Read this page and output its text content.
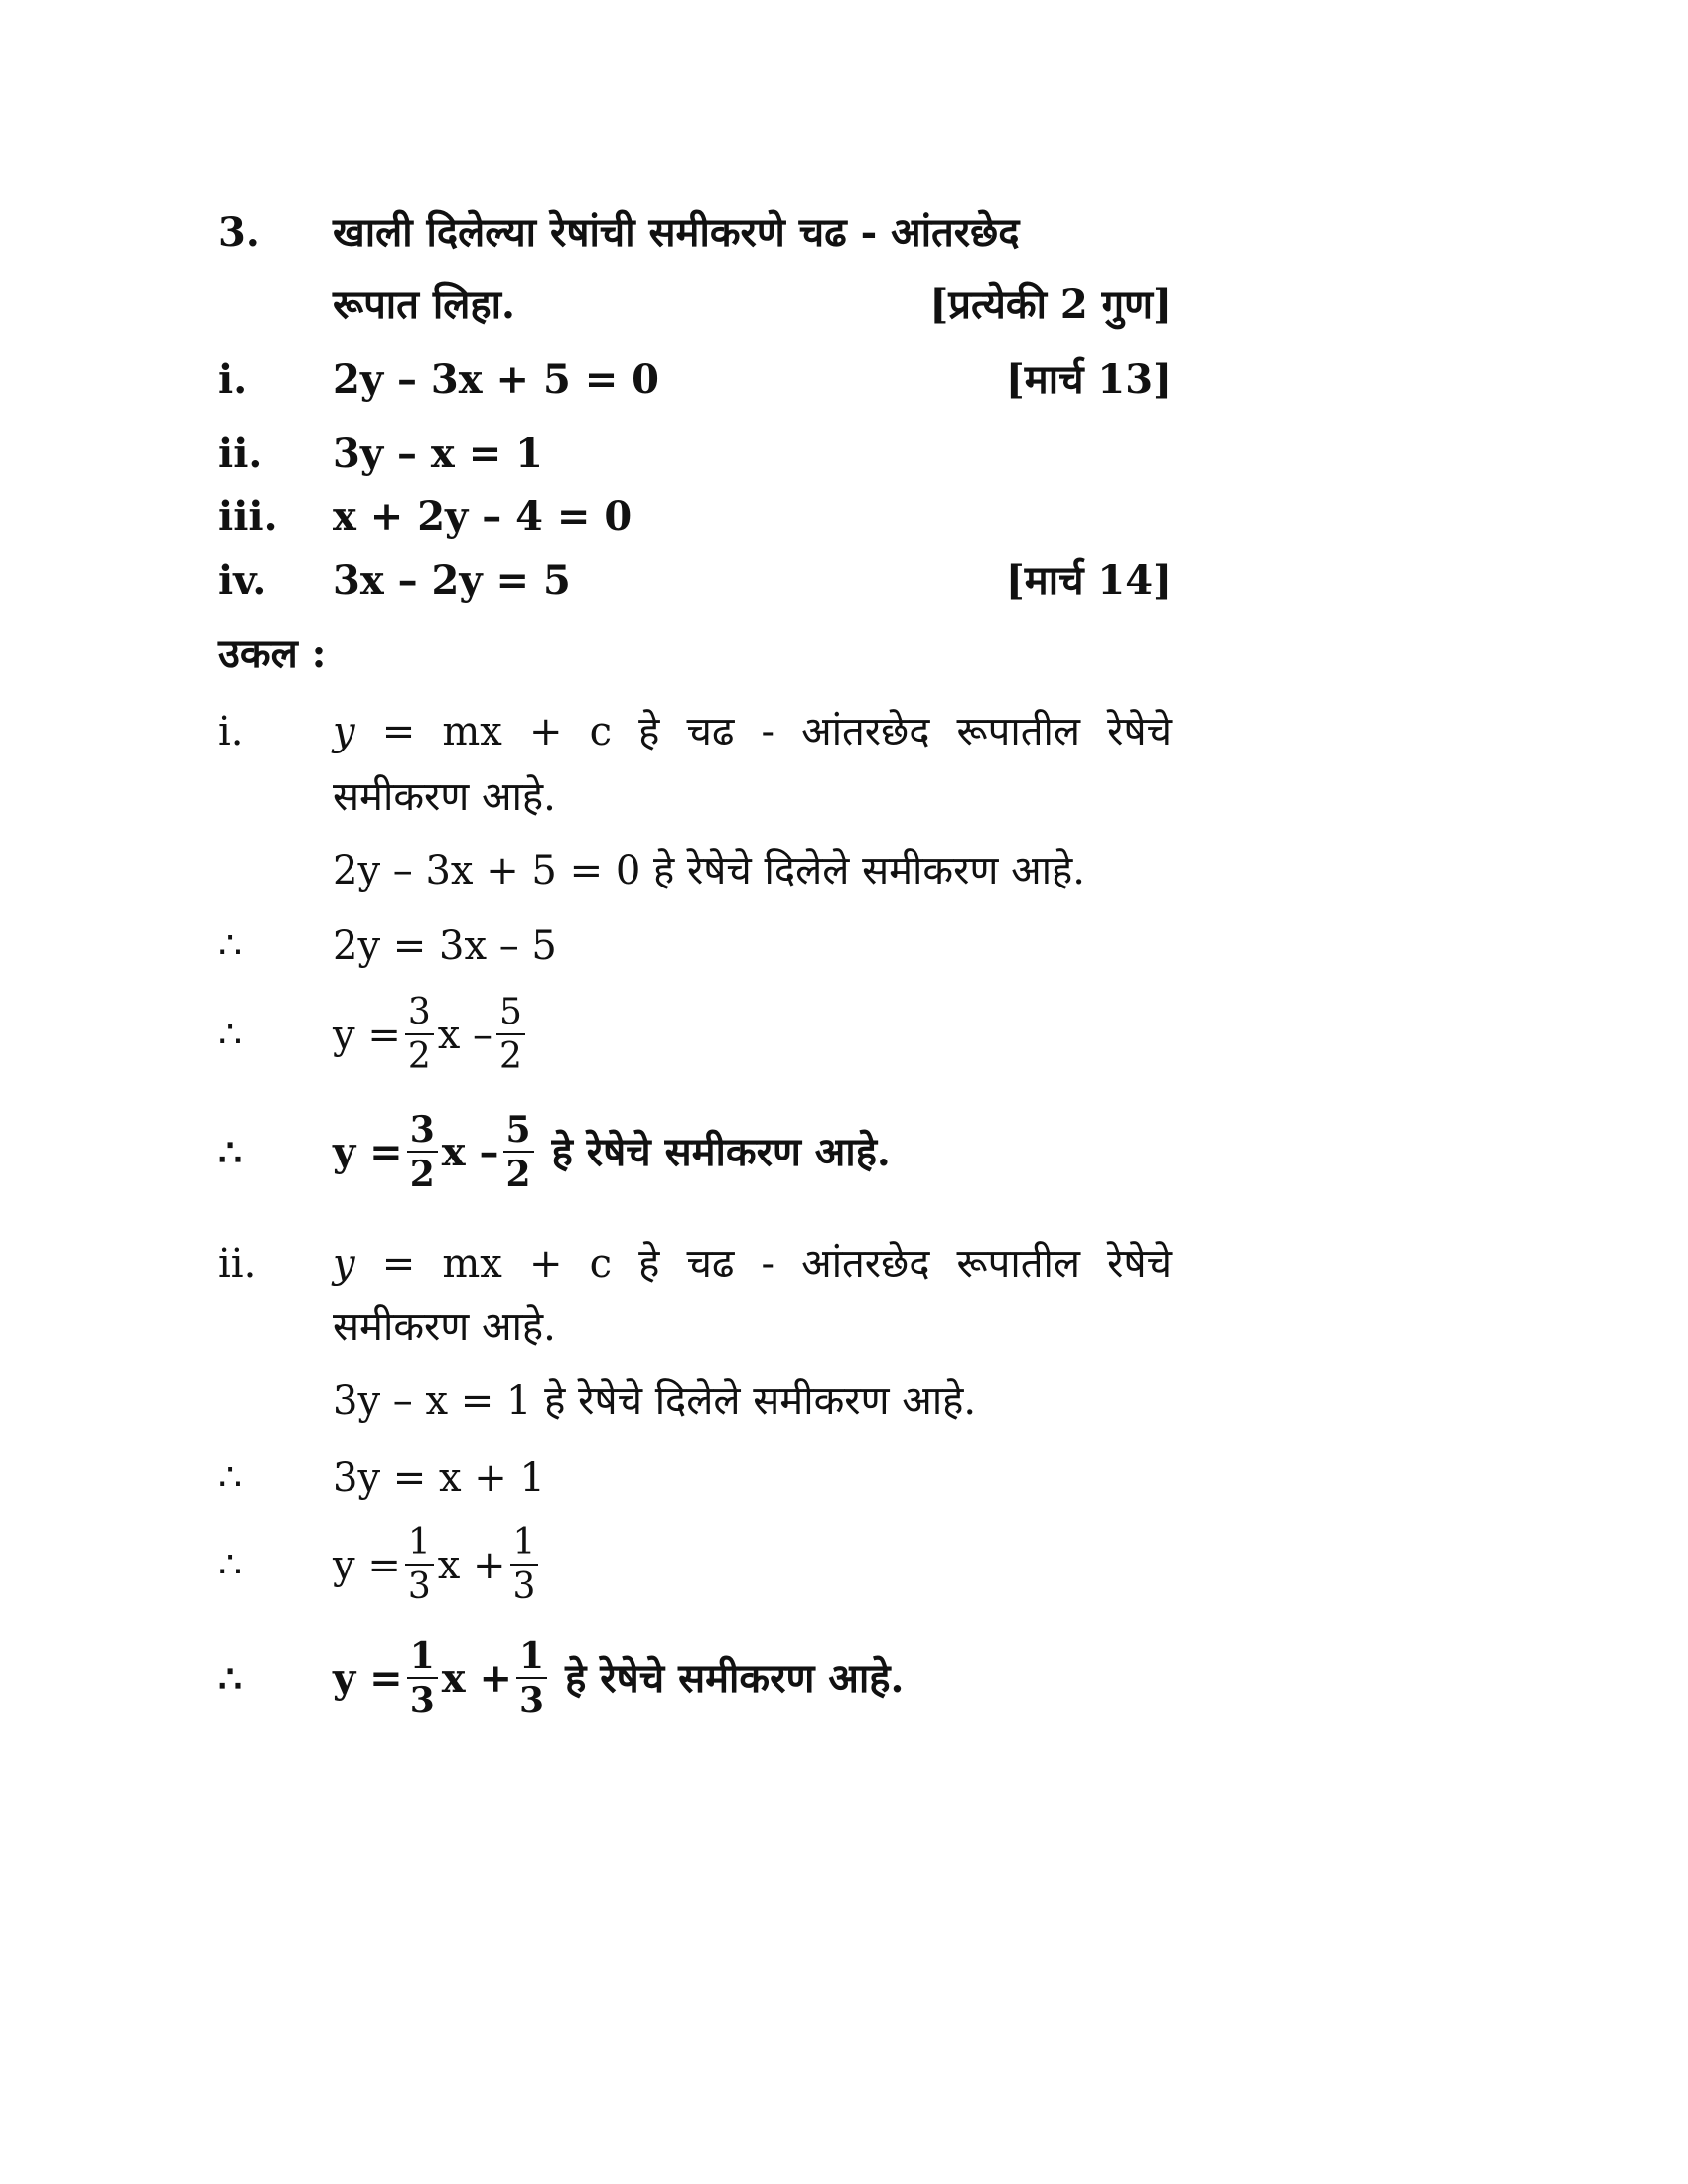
3.	खाली दिलेल्या रेषांची समीकरणे चढ - आंतरछेद
रूपात लिहा.	[प्रत्येकी 2 गुण]
i.	2y – 3x + 5 = 0	[मार्च 13]
ii.	3y – x = 1
iii.	x + 2y – 4 = 0
iv.	3x – 2y = 5	[मार्च 14]
उकल :
i.	y = mx + c हे चढ - आंतरछेद रूपातील रेषेचे
समीकरण आहे.
2y – 3x + 5 = 0 हे रेषेचे दिलेले समीकरण आहे.
∴	2y = 3x – 5
∴	$y = \frac{3}{2}$ x – $\frac{5}{2}$
∴	$y = \frac{3}{2}$ x – $\frac{5}{2}$ हे रेषेचे समीकरण आहे.
ii.	y = mx + c हे चढ - आंतरछेद रूपातील रेषेचे
समीकरण आहे.
3y – x = 1 हे रेषेचे दिलेले समीकरण आहे.
∴	3y = x + 1
∴	$y = \frac{1}{3}$ $x + \frac{1}{3}$
∴	$y = \frac{1}{3}$ $x + \frac{1}{3}$ हे रेषेचे समीकरण आहे.
